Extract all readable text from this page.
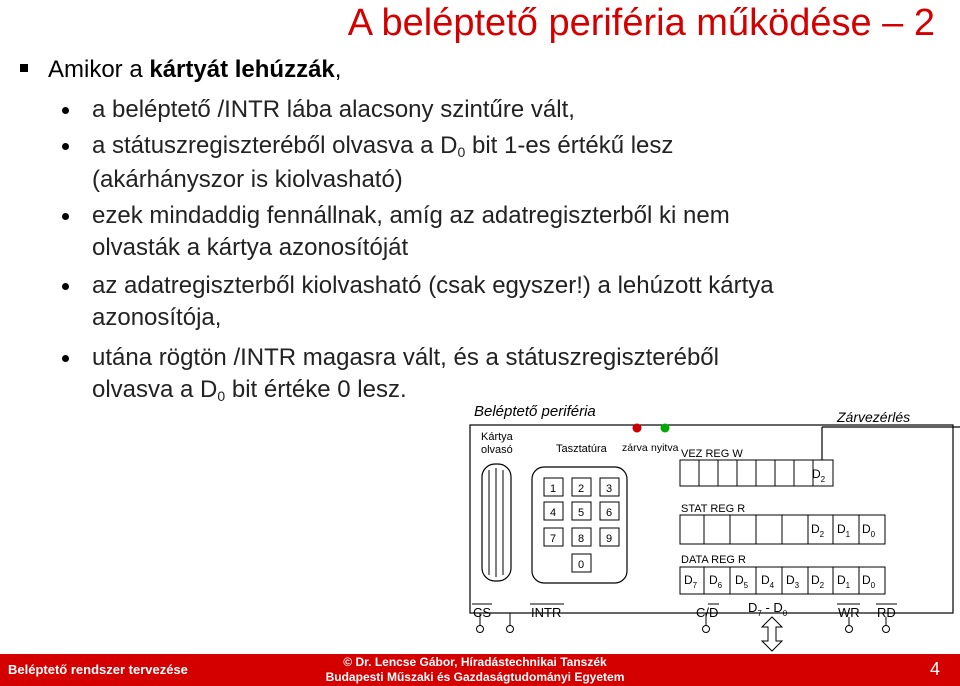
A beléptető periféria működése – 2
Amikor a kártyát lehúzzák,
a beléptető /INTR lába alacsony szintűre vált,
a státuszregiszteréből olvasva a $D_0$ bit 1-es értékű lesz
(akárhányszor is kiolvasható)
ezek mindaddig fennállnak, amíg az adatregiszterből ki nem
olvasták a kártya azonosítóját
az adatregiszterből kiolvasható (csak egyszer!) a lehúzott kártya
azonosítója,
utána rögtön /INTR magasra vált, és a státuszregiszteréből
olvasva a $D_0$ bit értéke 0 lesz.
Beléptető periféria	Zárvezérlés
Kártya
olvasó	Tasztatúra
1 2 3
4 5 6
7 8 9
0
zárva nyitva VEZ REG W
$D_2$
STAT REG R
$D_2$ $D_1$ $D_0$
DATA REG R
$D_7$ $D_6$ $D_5$ $D_4$ $D_3$ $D_2$ $D_1$ $D_0$
CS	INTR	C/D $D_7 - D_0$	WR RD
Beléptető rendszer tervezése	© Dr. Lencse Gábor, Híradástechnikai Tanszék
Budapesti Műszaki és Gazdaságtudományi Egyetem	4
